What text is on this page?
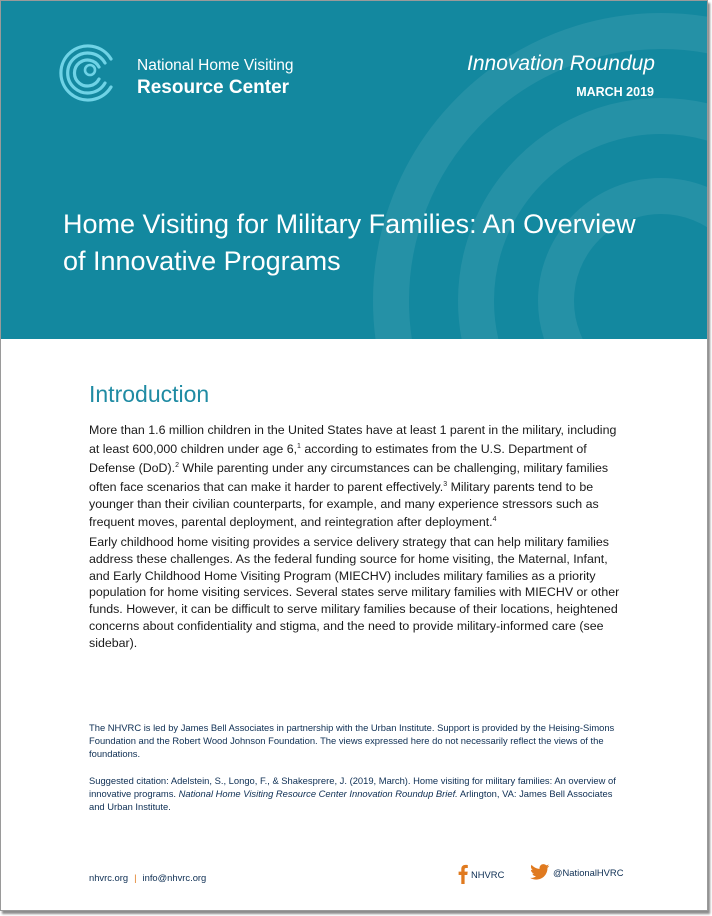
National Home Visiting
Resource Center
Innovation Roundup
MARCH 2019
Home Visiting for Military Families: An Overview
of Innovative Programs
Introduction

More than 1.6 million children in the United States have at least 1 parent in the military, including at least 600,000 children under age 6,$^1$ according to estimates from the U.S. Department of Defense (DoD).$^2$ While parenting under any circumstances can be challenging, military families often face scenarios that can make it harder to parent effectively.$^3$ Military parents tend to be younger than their civilian counterparts, for example, and many experience stressors such as frequent moves, parental deployment, and reintegration after deployment.$^4$

Early childhood home visiting provides a service delivery strategy that can help military families address these challenges. As the federal funding source for home visiting, the Maternal, Infant, and Early Childhood Home Visiting Program (MIECHV) includes military families as a priority population for home visiting services. Several states serve military families with MIECHV or other funds. However, it can be difficult to serve military families because of their locations, heightened concerns about confidentiality and stigma, and the need to provide military-informed care (see sidebar).

The NHVRC is led by James Bell Associates in partnership with the Urban Institute. Support is provided by the Heising-Simons Foundation and the Robert Wood Johnson Foundation. The views expressed here do not necessarily reflect the views of the foundations.

Suggested citation: Adelstein, S., Longo, F., & Shakesprere, J. (2019, March). Home visiting for military families: An overview of innovative programs. National Home Visiting Resource Center Innovation Roundup Brief. Arlington, VA: James Bell Associates and Urban Institute.

nhvrc.org | info@nhvrc.org	NHVRC	@NationalHVRC
